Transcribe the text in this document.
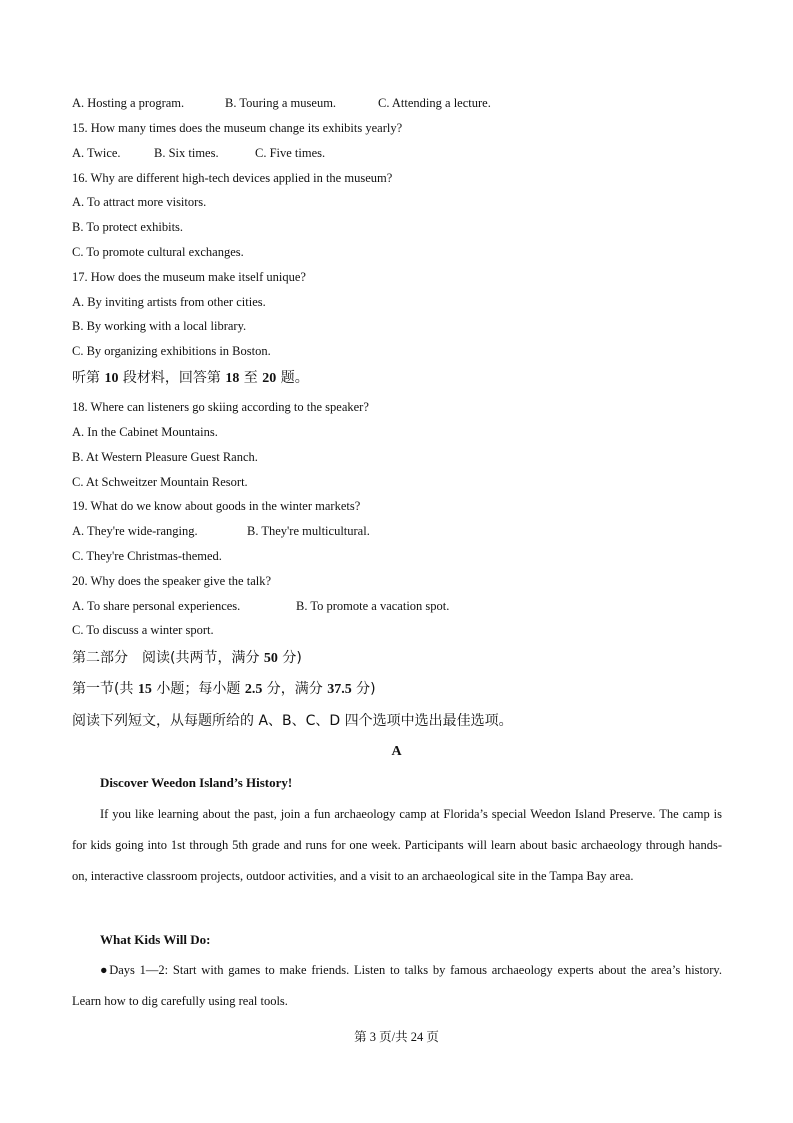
A. Hosting a program.	B. Touring a museum.	C. Attending a lecture.
15. How many times does the museum change its exhibits yearly?
A. Twice.	B. Six times.	C. Five times.
16. Why are different high-tech devices applied in the museum?
A. To attract more visitors.
B. To protect exhibits.
C. To promote cultural exchanges.
17. How does the museum make itself unique?
A. By inviting artists from other cities.
B. By working with a local library.
C. By organizing exhibitions in Boston.
听第 10 段材料，回答第 18 至 20 题。
18. Where can listeners go skiing according to the speaker?
A. In the Cabinet Mountains.
B. At Western Pleasure Guest Ranch.
C. At Schweitzer Mountain Resort.
19. What do we know about goods in the winter markets?
A. They're wide-ranging.	B. They're multicultural.
C. They're Christmas-themed.
20. Why does the speaker give the talk?
A. To share personal experiences.	B. To promote a vacation spot.
C. To discuss a winter sport.
第二部分　阅读(共两节，满分 50 分)
第一节(共 15 小题；每小题 2.5 分，满分 37.5 分)
阅读下列短文，从每题所给的 A、B、C、D 四个选项中选出最佳选项。
A
Discover Weedon Island’s History!
If you like learning about the past, join a fun archaeology camp at Florida’s special Weedon Island Preserve. The camp is for kids going into 1st through 5th grade and runs for one week. Participants will learn about basic archaeology through hands-on, interactive classroom projects, outdoor activities, and a visit to an archaeological site in the Tampa Bay area.
What Kids Will Do:
●Days 1—2: Start with games to make friends. Listen to talks by famous archaeology experts about the area’s history. Learn how to dig carefully using real tools.
第 3 页/共 24 页
